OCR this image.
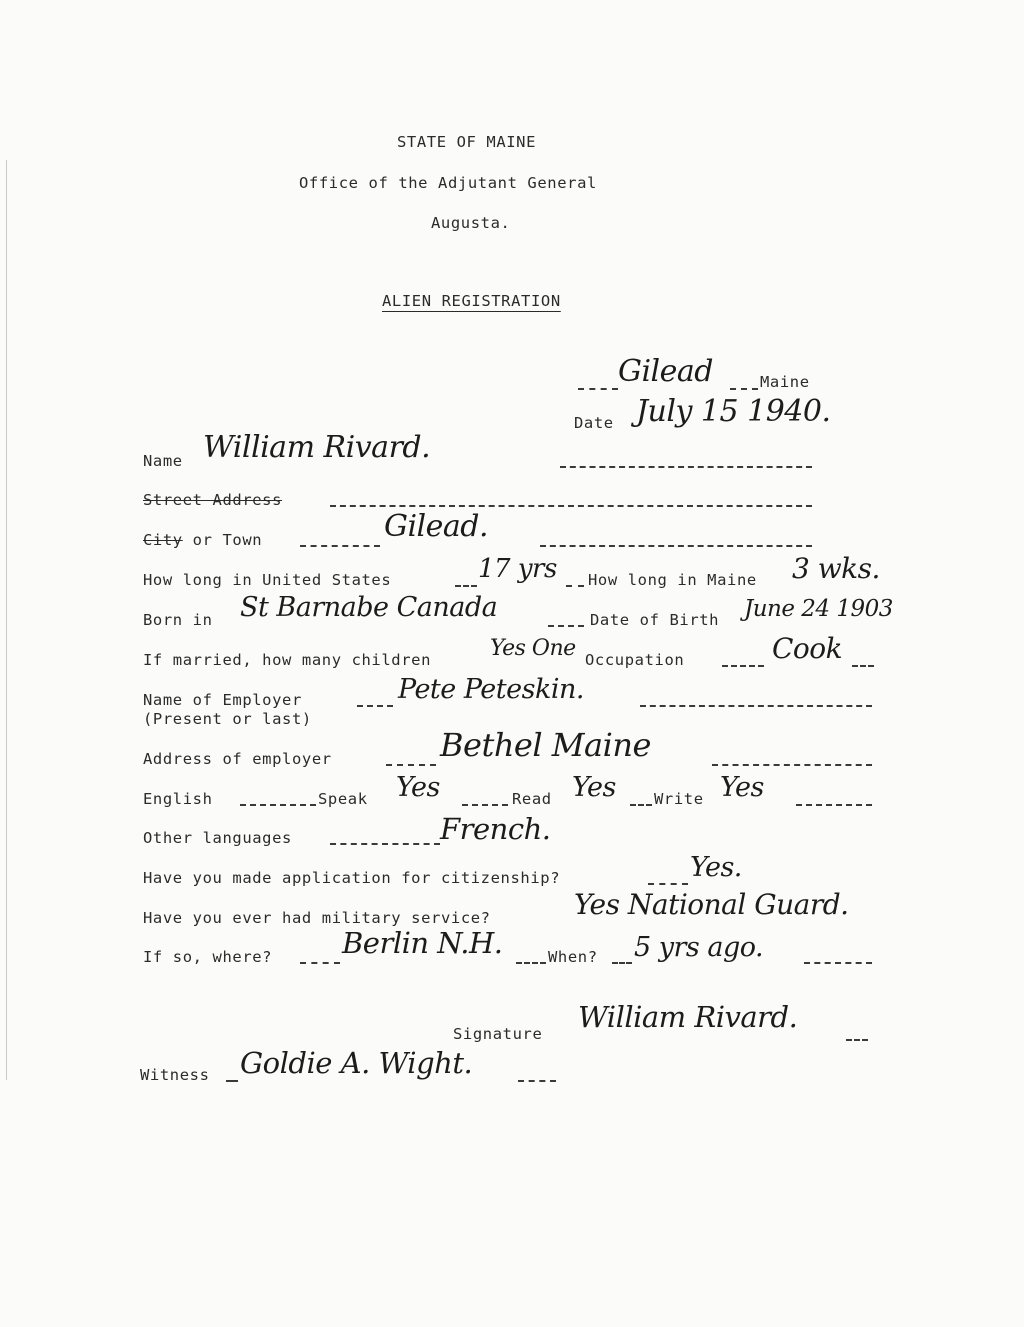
STATE OF MAINE
Office of the Adjutant General
Augusta.
ALIEN REGISTRATION
Gilead	Maine
Date July 15 1940.
Name William Rivard.
Street Address
City or Town	Gilead.
How long in United States	17 yrs How long in Maine 3 wks.
Born in St Barnabe Canada	Date of Birth June 24 1903
If married, how many children	Yes One Occupation	Cook
Name of Employer
(Present or last)
Pete Peteskin.
Address of employer	Bethel Maine
English	Speak Yes	Read Yes Write Yes
Other languages	French.
Have you made application for citizenship?	Yes.
Have you ever had military service?	Yes National Guard.
If so, where? Berlin N.H.	When? 5 yrs ago.
Signature William Rivard.
Witness Goldie A. Wight.
